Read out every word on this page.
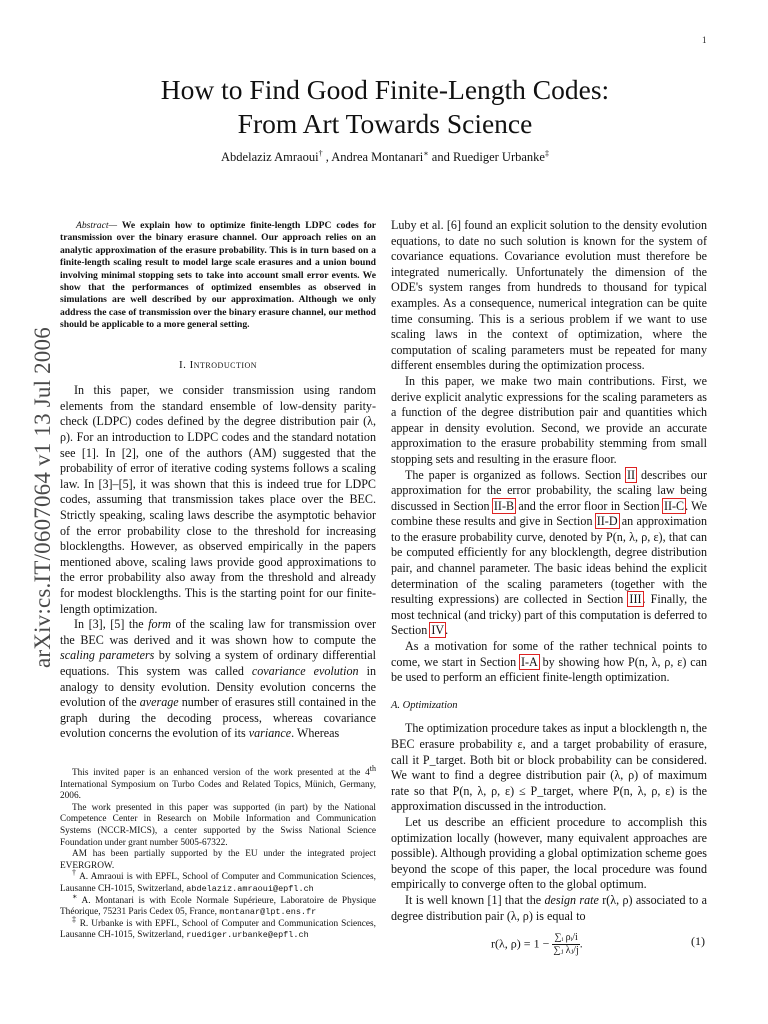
1
arXiv:cs.IT/0607064 v1 13 Jul 2006
How to Find Good Finite-Length Codes:
From Art Towards Science
Abdelaziz Amraoui† , Andrea Montanari∗ and Ruediger Urbanke‡

Abstract— We explain how to optimize finite-length LDPC codes for transmission over the binary erasure channel. Our approach relies on an analytic approximation of the erasure probability. This is in turn based on a finite-length scaling result to model large scale erasures and a union bound involving minimal stopping sets to take into account small error events. We show that the performances of optimized ensembles as observed in simulations are well described by our approximation. Although we only address the case of transmission over the binary erasure channel, our method should be applicable to a more general setting.

I. Introduction

In this paper, we consider transmission using random elements from the standard ensemble of low-density parity-check (LDPC) codes defined by the degree distribution pair (λ, ρ). For an introduction to LDPC codes and the standard notation see [1]. In [2], one of the authors (AM) suggested that the probability of error of iterative coding systems follows a scaling law. In [3]–[5], it was shown that this is indeed true for LDPC codes, assuming that transmission takes place over the BEC. Strictly speaking, scaling laws describe the asymptotic behavior of the error probability close to the threshold for increasing blocklengths. However, as observed empirically in the papers mentioned above, scaling laws provide good approximations to the error probability also away from the threshold and already for modest blocklengths. This is the starting point for our finite-length optimization.

In [3], [5] the form of the scaling law for transmission over the BEC was derived and it was shown how to compute the scaling parameters by solving a system of ordinary differential equations. This system was called covariance evolution in analogy to density evolution. Density evolution concerns the evolution of the average number of erasures still contained in the graph during the decoding process, whereas covariance evolution concerns the evolution of its variance. Whereas

This invited paper is an enhanced version of the work presented at the 4th International Symposium on Turbo Codes and Related Topics, Münich, Germany, 2006.

The work presented in this paper was supported (in part) by the National Competence Center in Research on Mobile Information and Communication Systems (NCCR-MICS), a center supported by the Swiss National Science Foundation under grant number 5005-67322.

AM has been partially supported by the EU under the integrated project EVERGROW.

† A. Amraoui is with EPFL, School of Computer and Communication Sciences, Lausanne CH-1015, Switzerland, abdelaziz.amraoui@epfl.ch

∗ A. Montanari is with Ecole Normale Supérieure, Laboratoire de Physique Théorique, 75231 Paris Cedex 05, France, montanar@lpt.ens.fr

‡ R. Urbanke is with EPFL, School of Computer and Communication Sciences, Lausanne CH-1015, Switzerland, ruediger.urbanke@epfl.ch

Luby et al. [6] found an explicit solution to the density evolution equations, to date no such solution is known for the system of covariance equations. Covariance evolution must therefore be integrated numerically. Unfortunately the dimension of the ODE's system ranges from hundreds to thousand for typical examples. As a consequence, numerical integration can be quite time consuming. This is a serious problem if we want to use scaling laws in the context of optimization, where the computation of scaling parameters must be repeated for many different ensembles during the optimization process.

In this paper, we make two main contributions. First, we derive explicit analytic expressions for the scaling parameters as a function of the degree distribution pair and quantities which appear in density evolution. Second, we provide an accurate approximation to the erasure probability stemming from small stopping sets and resulting in the erasure floor.

The paper is organized as follows. Section II describes our approximation for the error probability, the scaling law being discussed in Section II-B and the error floor in Section II-C. We combine these results and give in Section II-D an approximation to the erasure probability curve, denoted by P(n, λ, ρ, ε), that can be computed efficiently for any blocklength, degree distribution pair, and channel parameter. The basic ideas behind the explicit determination of the scaling parameters (together with the resulting expressions) are collected in Section III. Finally, the most technical (and tricky) part of this computation is deferred to Section IV.

As a motivation for some of the rather technical points to come, we start in Section I-A by showing how P(n, λ, ρ, ε) can be used to perform an efficient finite-length optimization.

A. Optimization

The optimization procedure takes as input a blocklength n, the BEC erasure probability ε, and a target probability of erasure, call it P_target. Both bit or block probability can be considered. We want to find a degree distribution pair (λ, ρ) of maximum rate so that P(n, λ, ρ, ε) ≤ P_target, where P(n, λ, ρ, ε) is the approximation discussed in the introduction.

Let us describe an efficient procedure to accomplish this optimization locally (however, many equivalent approaches are possible). Although providing a global optimization scheme goes beyond the scope of this paper, the local procedure was found empirically to converge often to the global optimum.

It is well known [1] that the design rate r(λ, ρ) associated to a degree distribution pair (λ, ρ) is equal to

r(λ, $\rho) = 1 - \frac{\text{∑ᵢ ρᵢ/i}}{\text{∑ⱼ λⱼ/j}}$ .	(1)
